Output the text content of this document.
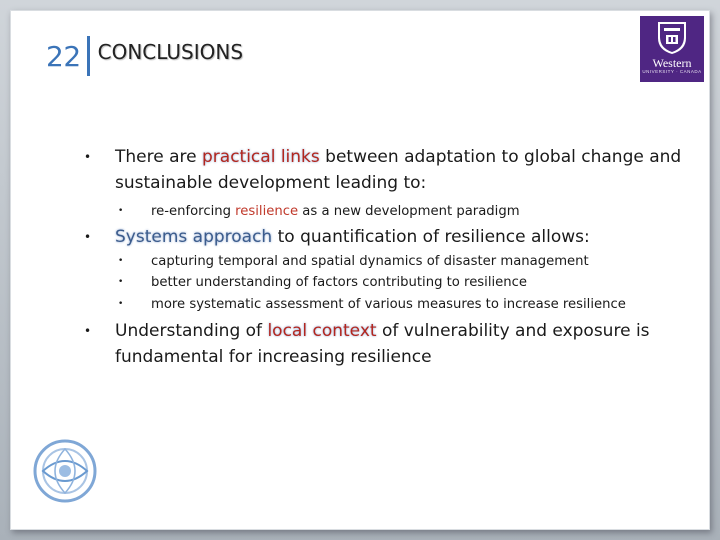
22 CONCLUSIONS	Western
UNIVERSITY · CANADA
• There are practical links between adaptation to global change and sustainable development leading to:
• re-enforcing resilience as a new development paradigm
• Systems approach to quantification of resilience allows:
• capturing temporal and spatial dynamics of disaster management
• better understanding of factors contributing to resilience
• more systematic assessment of various measures to increase resilience
• Understanding of local context of vulnerability and exposure is fundamental for increasing resilience
